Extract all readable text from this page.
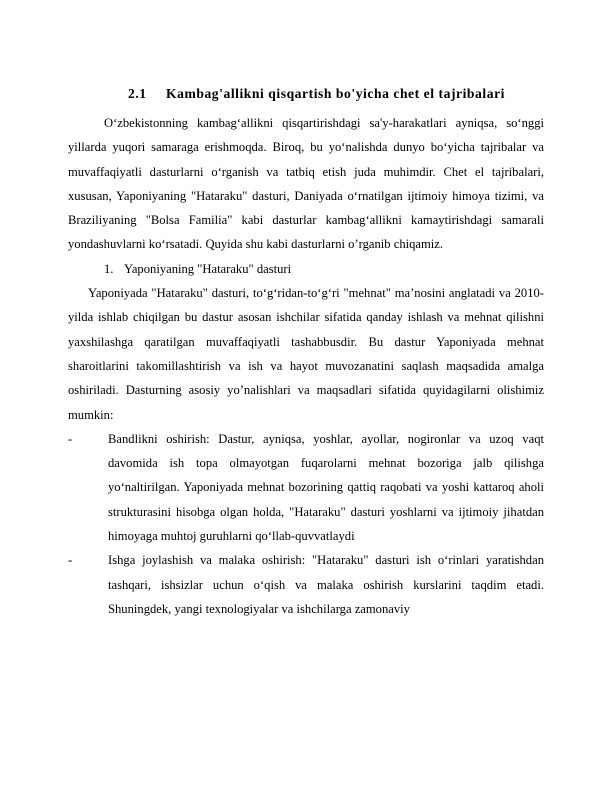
2.1 Kambag'allikni qisqartish bo'yicha chet el tajribalari

O‘zbekistonning kambag‘allikni qisqartirishdagi sa'y-harakatlari ayniqsa, so‘nggi yillarda yuqori samaraga erishmoqda. Biroq, bu yo‘nalishda dunyo bo‘yicha tajribalar va muvaffaqiyatli dasturlarni o‘rganish va tatbiq etish juda muhimdir. Chet el tajribalari, xususan, Yaponiyaning "Hataraku" dasturi, Daniyada o‘rnatilgan ijtimoiy himoya tizimi, va Braziliyaning "Bolsa Familia" kabi dasturlar kambag‘allikni kamaytirishdagi samarali yondashuvlarni ko‘rsatadi. Quyida shu kabi dasturlarni o’rganib chiqamiz.

1. Yaponiyaning "Hataraku" dasturi

Yaponiyada "Hataraku" dasturi, to‘g‘ridan-to‘g‘ri "mehnat" ma’nosini anglatadi va 2010-yilda ishlab chiqilgan bu dastur asosan ishchilar sifatida qanday ishlash va mehnat qilishni yaxshilashga qaratilgan muvaffaqiyatli tashabbusdir. Bu dastur Yaponiyada mehnat sharoitlarini takomillashtirish va ish va hayot muvozanatini saqlash maqsadida amalga oshiriladi. Dasturning asosiy yo’nalishlari va maqsadlari sifatida quyidagilarni olishimiz mumkin:

-	Bandlikni oshirish: Dastur, ayniqsa, yoshlar, ayollar, nogironlar va uzoq vaqt davomida ish topa olmayotgan fuqarolarni mehnat bozoriga jalb qilishga yo‘naltirilgan. Yaponiyada mehnat bozorining qattiq raqobati va yoshi kattaroq aholi strukturasini hisobga olgan holda, "Hataraku" dasturi yoshlarni va ijtimoiy jihatdan himoyaga muhtoj guruhlarni qo‘llab-quvvatlaydi

-	Ishga joylashish va malaka oshirish: "Hataraku" dasturi ish o‘rinlari yaratishdan tashqari, ishsizlar uchun o‘qish va malaka oshirish kurslarini taqdim etadi. Shuningdek, yangi texnologiyalar va ishchilarga zamonaviy
